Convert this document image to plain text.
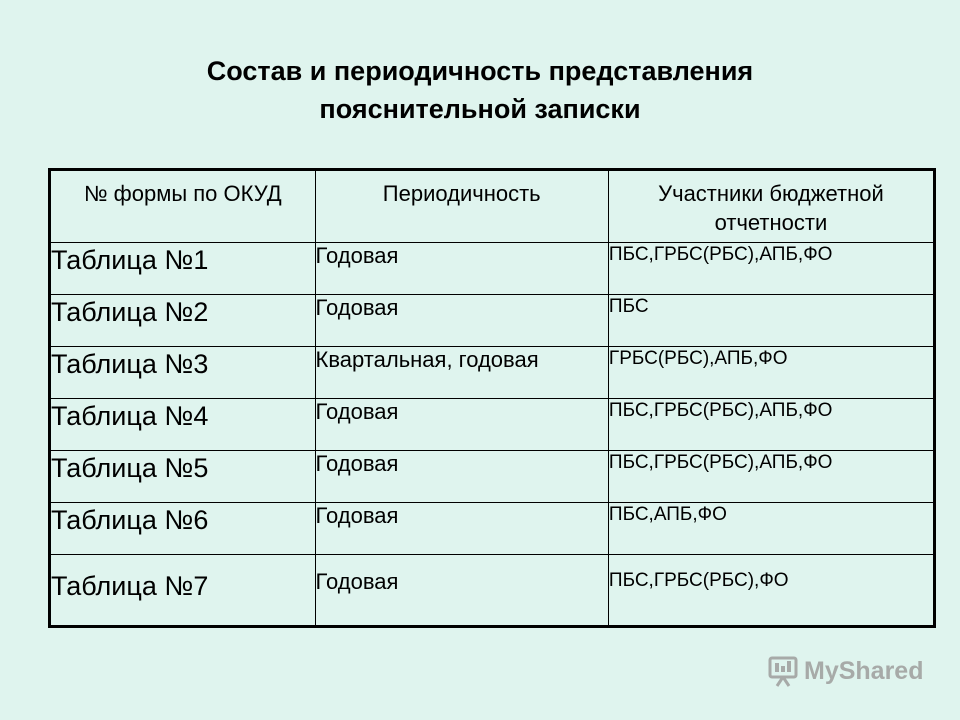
Состав и периодичность представления
пояснительной записки
№ формы по ОКУД	Периодичность	Участники бюджетной отчетности
Таблица №1	Годовая	ПБС,ГРБС(РБС),АПБ,ФО
Таблица №2	Годовая	ПБС
Таблица №3	Квартальная, годовая	ГРБС(РБС),АПБ,ФО
Таблица №4	Годовая	ПБС,ГРБС(РБС),АПБ,ФО
Таблица №5	Годовая	ПБС,ГРБС(РБС),АПБ,ФО
Таблица №6	Годовая	ПБС,АПБ,ФО
Таблица №7	Годовая	ПБС,ГРБС(РБС),ФО
MyShared
